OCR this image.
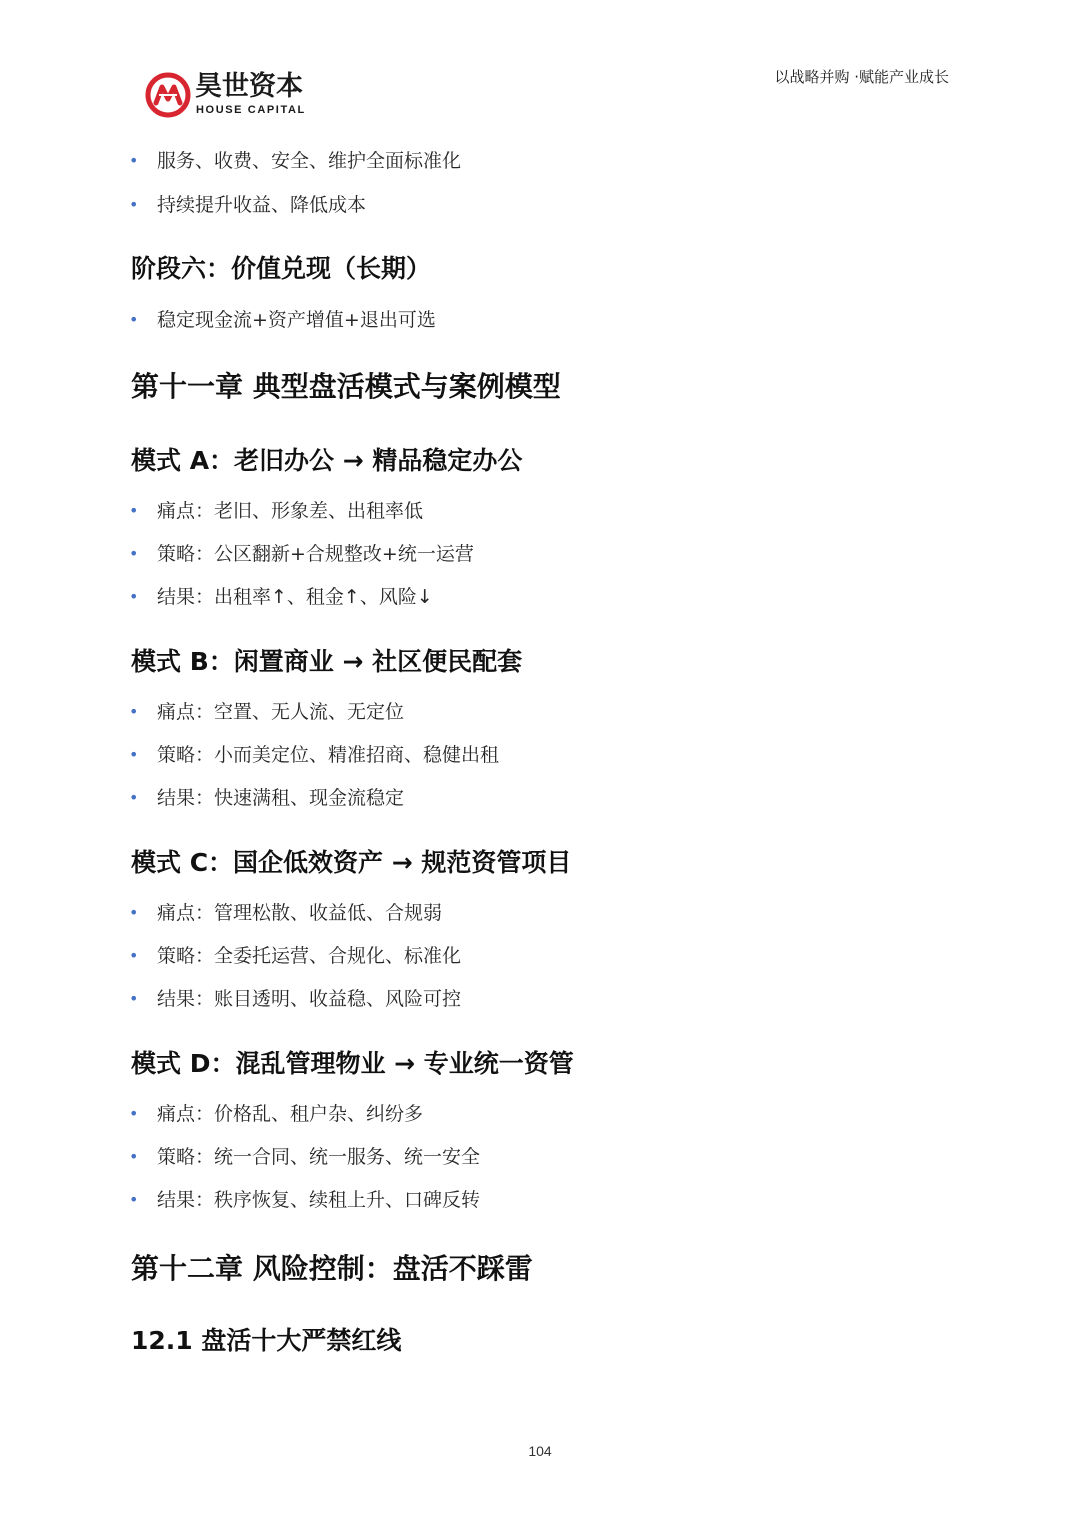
昊世资本
HOUSE CAPITAL
以战略并购 ·赋能产业成长
• 服务、收费、安全、维护全面标准化
• 持续提升收益、降低成本
阶段六：价值兑现（长期）
• 稳定现金流+资产增值+退出可选
第十一章 典型盘活模式与案例模型
模式 A：老旧办公 → 精品稳定办公
• 痛点：老旧、形象差、出租率低
• 策略：公区翻新+合规整改+统一运营
• 结果：出租率↑、租金↑、风险↓
模式 B：闲置商业 → 社区便民配套
• 痛点：空置、无人流、无定位
• 策略：小而美定位、精准招商、稳健出租
• 结果：快速满租、现金流稳定
模式 C：国企低效资产 → 规范资管项目
• 痛点：管理松散、收益低、合规弱
• 策略：全委托运营、合规化、标准化
• 结果：账目透明、收益稳、风险可控
模式 D：混乱管理物业 → 专业统一资管
• 痛点：价格乱、租户杂、纠纷多
• 策略：统一合同、统一服务、统一安全
• 结果：秩序恢复、续租上升、口碑反转
第十二章 风险控制：盘活不踩雷
12.1 盘活十大严禁红线
104
